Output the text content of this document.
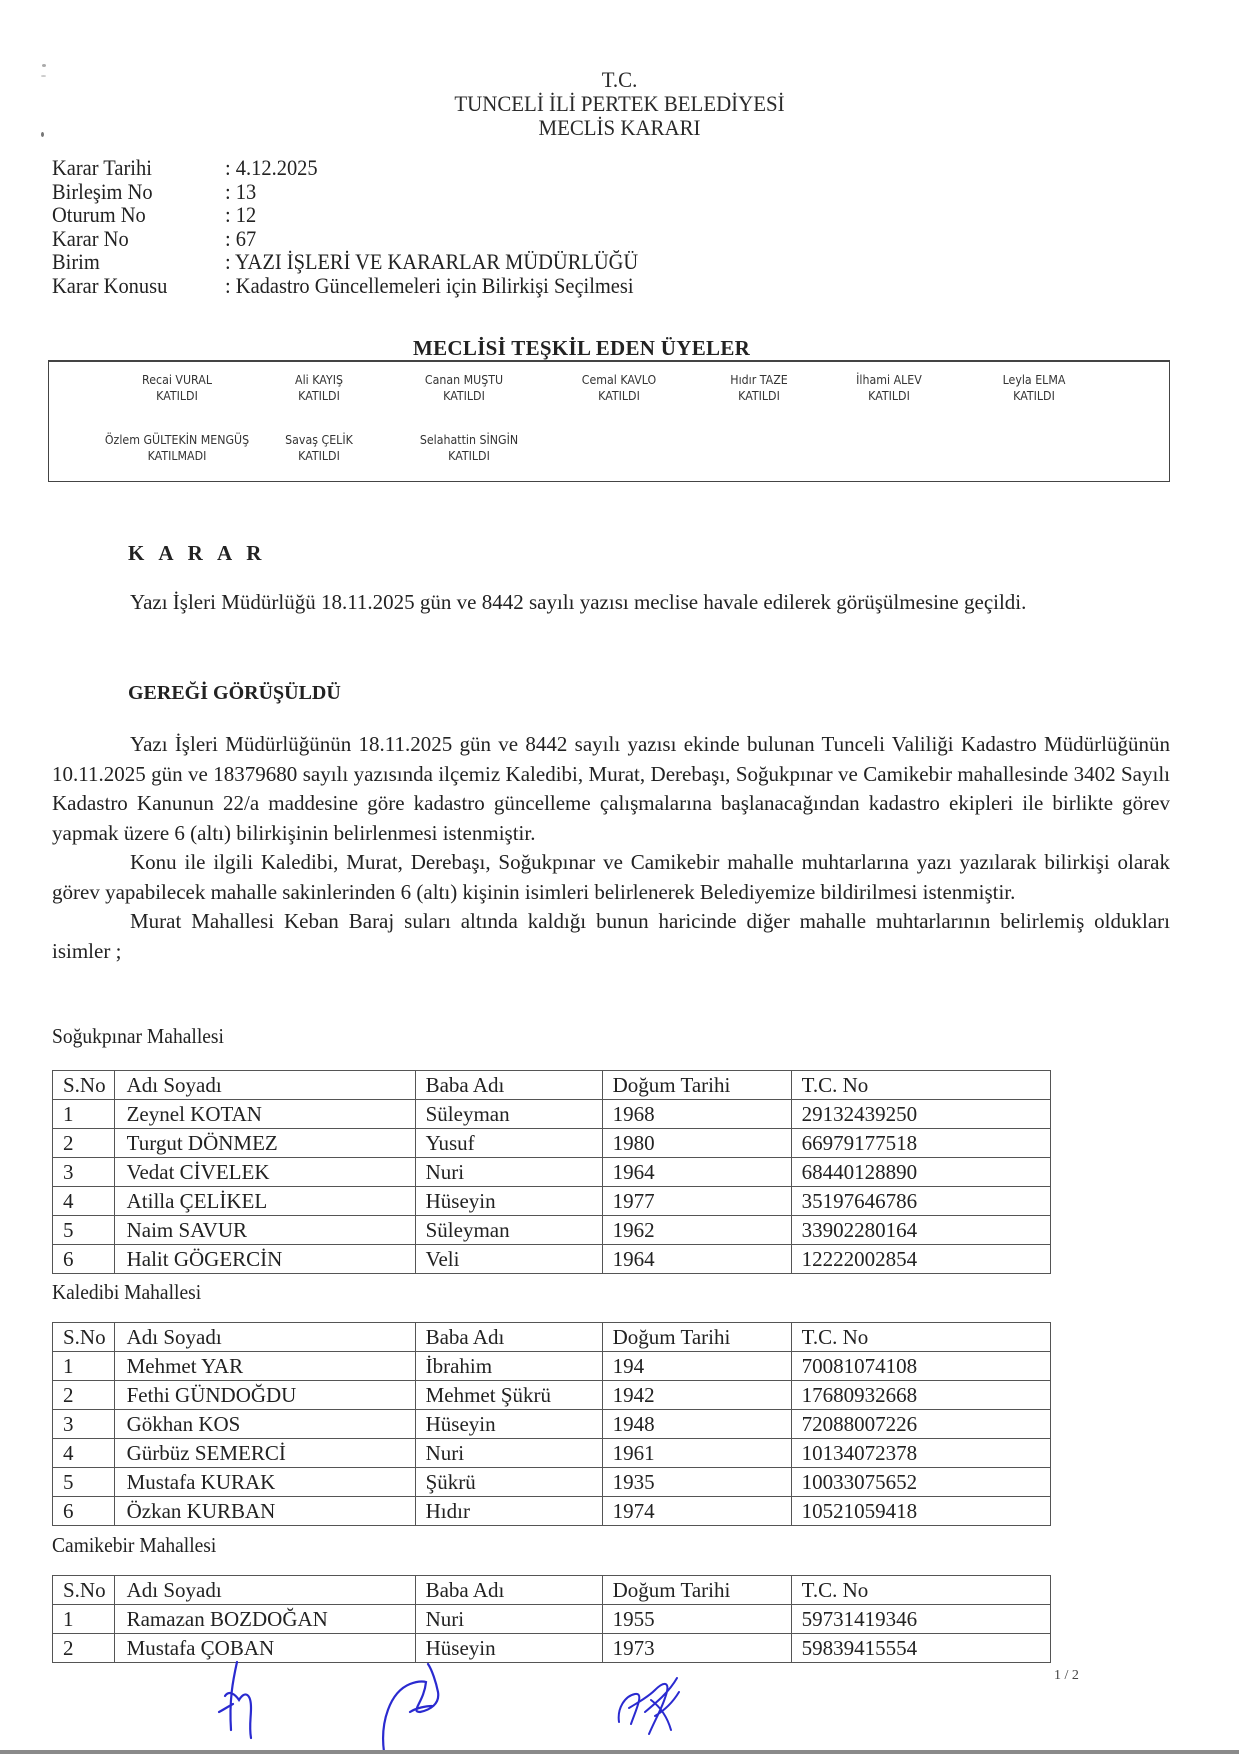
T.C.
TUNCELİ İLİ PERTEK BELEDİYESİ
MECLİS KARARI
Karar Tarihi	: 4.12.2025
Birleşim No	: 13
Oturum No	: 12
Karar No	: 67
Birim	: YAZI İŞLERİ VE KARARLAR MÜDÜRLÜĞÜ
Karar Konusu	: Kadastro Güncellemeleri için Bilirkişi Seçilmesi
MECLİSİ TEŞKİL EDEN ÜYELER
Recai VURAL
KATILDI
Ali KAYIŞ
KATILDI
Canan MUŞTU
KATILDI
Cemal KAVLO
KATILDI
Hıdır TAZE
KATILDI
İlhami ALEV
KATILDI
Leyla ELMA
KATILDI
Özlem GÜLTEKİN MENGÜŞ
KATILMADI
Savaş ÇELİK
KATILDI
Selahattin SİNGİN
KATILDI
K A R A R
Yazı İşleri Müdürlüğü 18.11.2025 gün ve 8442 sayılı yazısı meclise havale edilerek görüşülmesine geçildi.
GEREĞİ GÖRÜŞÜLDÜ
Yazı İşleri Müdürlüğünün 18.11.2025 gün ve 8442 sayılı yazısı ekinde bulunan Tunceli Valiliği Kadastro Müdürlüğünün 10.11.2025 gün ve 18379680 sayılı yazısında ilçemiz Kaledibi, Murat, Derebaşı, Soğukpınar ve Camikebir mahallesinde 3402 Sayılı Kadastro Kanunun 22/a maddesine göre kadastro güncelleme çalışmalarına başlanacağından kadastro ekipleri ile birlikte görev yapmak üzere 6 (altı) bilirkişinin belirlenmesi istenmiştir.
Konu ile ilgili Kaledibi, Murat, Derebaşı, Soğukpınar ve Camikebir mahalle muhtarlarına yazı yazılarak bilirkişi olarak görev yapabilecek mahalle sakinlerinden 6 (altı) kişinin isimleri belirlenerek Belediyemize bildirilmesi istenmiştir.
Murat Mahallesi Keban Baraj suları altında kaldığı bunun haricinde diğer mahalle muhtarlarının belirlemiş oldukları isimler ;
Soğukpınar Mahallesi
S.No	Adı Soyadı	Baba Adı	Doğum Tarihi	T.C. No
1	Zeynel KOTAN	Süleyman	1968	29132439250
2	Turgut DÖNMEZ	Yusuf	1980	66979177518
3	Vedat CİVELEK	Nuri	1964	68440128890
4	Atilla ÇELİKEL	Hüseyin	1977	35197646786
5	Naim SAVUR	Süleyman	1962	33902280164
6	Halit GÖGERCİN	Veli	1964	12222002854
Kaledibi Mahallesi
S.No	Adı Soyadı	Baba Adı	Doğum Tarihi	T.C. No
1	Mehmet YAR	İbrahim	194	70081074108
2	Fethi GÜNDOĞDU	Mehmet Şükrü	1942	17680932668
3	Gökhan KOS	Hüseyin	1948	72088007226
4	Gürbüz SEMERCİ	Nuri	1961	10134072378
5	Mustafa KURAK	Şükrü	1935	10033075652
6	Özkan KURBAN	Hıdır	1974	10521059418
Camikebir Mahallesi
S.No	Adı Soyadı	Baba Adı	Doğum Tarihi	T.C. No
1	Ramazan BOZDOĞAN	Nuri	1955	59731419346
2	Mustafa ÇOBAN	Hüseyin	1973	59839415554
1 / 2
